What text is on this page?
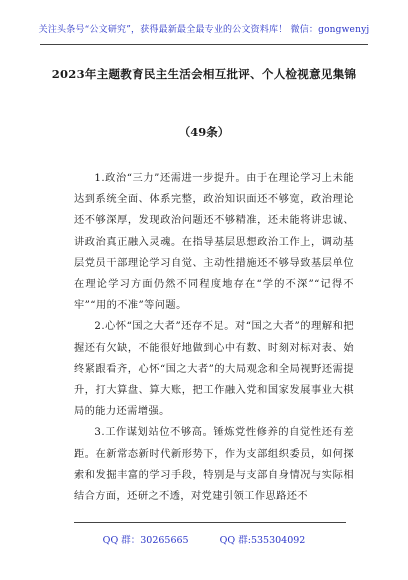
关注头条号“公文研究”，获得最新最全最专业的公文资料库！ 微信：gongwenyj
2023年主题教育民主生活会相互批评、个人检视意见集锦
（49条）

1.政治“三力”还需进一步提升。由于在理论学习上未能达到系统全面、体系完整，政治知识面还不够宽，政治理论还不够深厚，发现政治问题还不够精准，还未能将讲忠诚、讲政治真正融入灵魂。在指导基层思想政治工作上，调动基层党员干部理论学习自觉、主动性措施还不够导致基层单位在理论学习方面仍然不同程度地存在“学的不深”“记得不牢”“用的不准”等问题。

2.心怀“国之大者”还存不足。对“国之大者”的理解和把握还有欠缺，不能很好地做到心中有数、时刻对标对表、始终紧跟看齐，心怀“国之大者”的大局观念和全局视野还需提升，打大算盘、算大账，把工作融入党和国家发展事业大棋局的能力还需增强。

3.工作谋划站位不够高。锤炼党性修养的自觉性还有差距。在新常态新时代新形势下，作为支部组织委员，如何探索和发掘丰富的学习手段，特别是与支部自身情况与实际相结合方面，还研之不透，对党建引领工作思路还不

QQ 群：30265665	QQ 群:535304092
